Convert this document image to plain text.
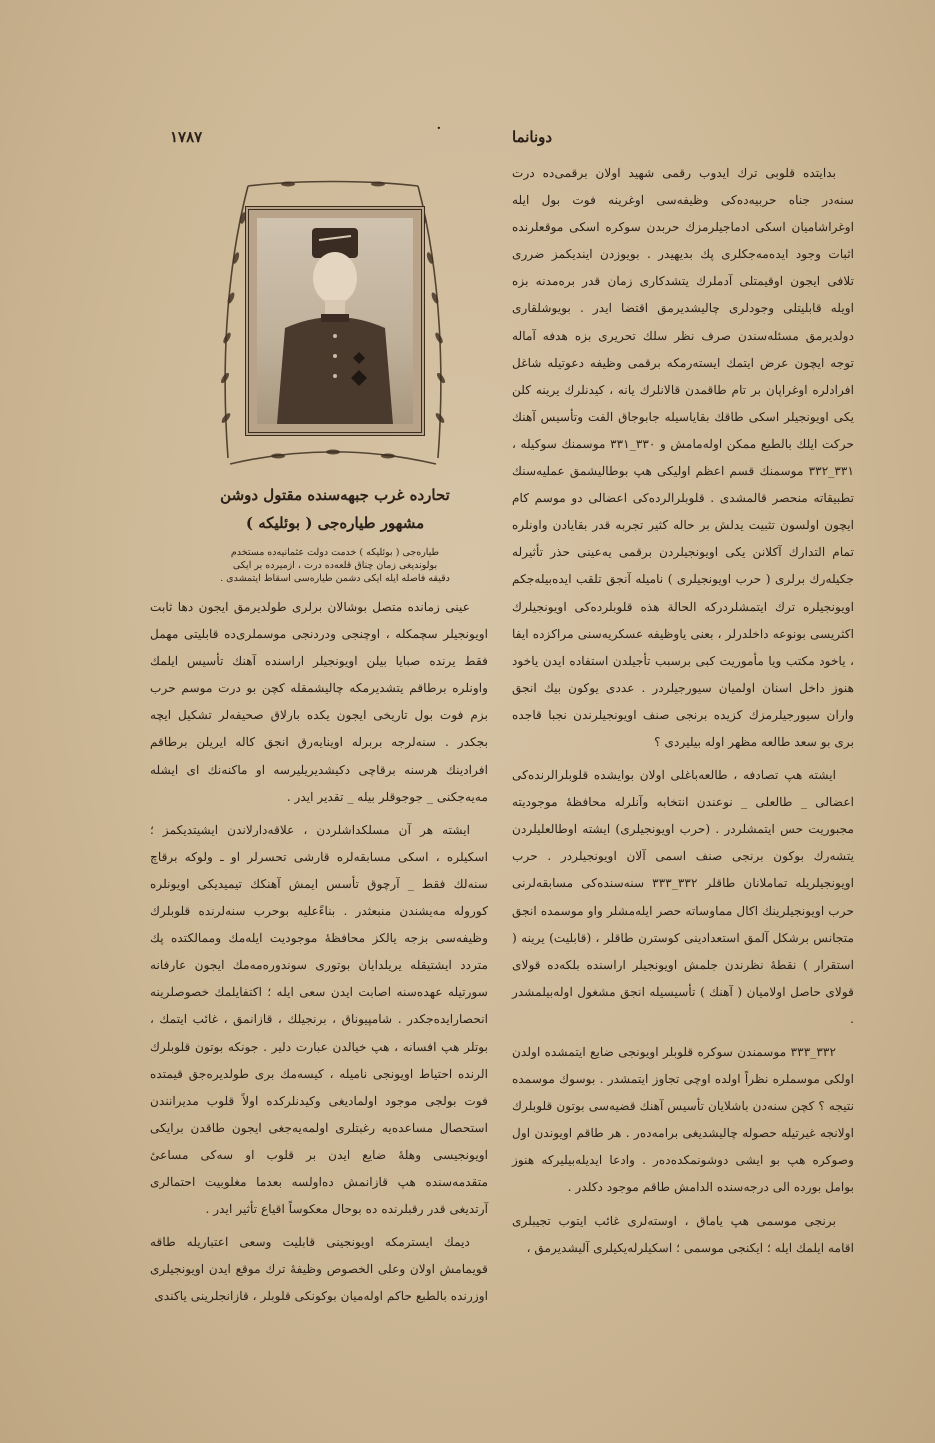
١٧٨٧	·	دونانما

بدایتده قلوبی ترك ایدوب رقمی شهید اولان برقمی‌ده درت سنه‌در جناه حربیه‌ده‌کی وظیفه‌سی اوغرینه فوت بول ایله اوغراشامیان اسکی ادماجیلرمزك حربدن سوکره اسکی موقعلرنده اثبات وجود ایده‌مه‌جکلری پك بدیهیدر . بویوزدن ایندیکمز ضرری تلافی ایجون اوقیمتلی آدملرك یتشدکاری زمان قدر بره‌مدنه بزه اویله قابلیتلی وجودلری چالیشدیرمق اقتضا ایدر . بویوشلقاری دولدیرمق مسئله‌سندن صرف نظر سلك تحریری بزه هدفه آماله توجه ایچون عرض ایتمك ایسته‌رمکه برقمی وظیفه دعوتیله شاغل افرادلره اوغراپان بر تام طاقمدن قالانلرك یانه ، کیدنلرك یرینه کلن یکی اویونجیلر اسکی طاقك بقایاسیله جابوجاق الفت وتأسیس آهنك حرکت ایلك بالطبع ممکن اوله‌مامش و ۳۳۰_۳۳۱ موسمنك سوکیله ، ۳۳۱_۳۳۲ موسمنك قسم اعظم اولیکی هپ بوطالیشمق عملیه‌سنك تطبیقاته منحصر قالمشدی . قلوبلرالرده‌کی اعضالی دو موسم کام ایچون اولسون تثبیت یدلش بر حاله کثیر تجربه قدر بقایادن واونلره تمام التدارك آکلانن یکی اویونجیلردن برقمی یه‌عینی حذر تأثیرله جکیله‌رك برلری ( حرب اویونجیلری ) نامیله آنجق تلقب ایده‌بیله‌جکم اویونجیلره ترك ایتمشلردرکه الحالة هذه قلوبلرده‌کی اویونجیلرك اکثریسی بونوعه داخلدرلر ، بعنی یاوظیفه عسکریه‌سنی مراکزده ایفا ، یاخود مکتب ویا مأموریت کبی برسبب تأجیلدن استفاده ایدن یاخود هنوز داخل اسنان اولمیان سیورجیلردر . عددی یوکون بیك انجق واران سیورجیلرمزك کزیده برنجی صنف اویونجیلرندن نجبا قاجده بری بو سعد طالعه مظهر اوله بیلیردی ؟

ایشته هپ تصادفه ، طالعه‌باغلی اولان بوایشده قلوبلرالرنده‌کی اعضالی _ طالعلی _ نوعندن انتخابه وآنلرله محافظهٔ موجودیته مجبوریت حس ایتمشلردر . (حرب اویونجیلری) ایشته اوطالعلیلردن یتشه‌رك بوکون برنجی صنف اسمی آلان اویونجیلردر . حرب اویونجیلریله تماملانان طاقلر ۳۳۲_۳۳۳ سنه‌سنده‌کی مسابقه‌لرنی حرب اویونجیلرینك اکال مماوساته حصر ایله‌مشلر واو موسمده انجق متجانس برشکل آلمق استعدادینی کوسترن طاقلر ، (قابلیت) یرینه ( استقرار ) نقطهٔ نظرندن جلمش اویونجیلر اراسنده بلکه‌ده قولای قولای حاصل اولامیان ( آهنك ) تأسیسیله انجق مشغول اوله‌بیلمشدر .

۳۳۲_۳۳۳ موسمندن سوکره قلوبلر اویونجی ضایع ایتمشده اولدن اولکی موسملره نظراً اولده اوچی تجاوز ایتمشدر . بوسوك موسمده نتیجه ؟ کچن سنه‌دن باشلایان تأسیس آهنك قضیه‌سی بوتون قلوبلرك اولانجه غیرتیله حصوله چالیشدیغی برامه‌ده‌ر . هر طاقم اویوندن اول وصوکره هپ بو ایشی دوشونمکده‌ده‌ر . وادعا ایدیله‌بیلیرکه هنوز بوامل بورده الی درجه‌سنده الدامش طاقم موجود دکلدر .

برنجی موسمی هپ یاماق ، اوسته‌لری غائب ایتوب تجیبلری اقامه ایلمك ایله ؛ ایکنجی موسمی ؛ اسکیلرله‌یکیلری آلیشدیرمق ،

تحارده غرب جبهه‌سنده مقتول دوشن
مشهور طیاره‌جی ( بوئلیکه )
طیاره‌جی ( بوئلیکه ) خدمت دولت عثمانیه‌ده مستخدم
بولوندیغی زمان چناق قلعه‌ده درت ، ازمیرده بر ایکی
دقیقه فاصله ایله ایکی دشمن طیاره‌سی اسقاط ایتمشدی .

عینی زمانده متصل بوشالان برلری طولدیرمق ایجون دها ثابت اویونجیلر سچمکله ، اوچنجی ودردنجی موسملری‌ده قابلیتی مهمل فقط یرنده صبایا بیلن اویونجیلر اراسنده آهنك تأسیس ایلمك واونلره برطاقم یتشدیرمکه چالیشمقله کچن بو درت موسم حرب بزم فوت بول تاریخی ایجون یکده بارلاق صحیفه‌لر تشکیل ایچه‌ بجکدر . سنه‌لرجه بربرله اوینایه‌رق انجق کاله ایریلن برطاقم افرادینك هرسنه برقاچی دکیشدیریلیرسه او ماکنه‌نك ای ایشله‌ مه‌یه‌جکنی _ جوجوقلر بیله _ تقدیر ایدر .

ایشته هر آن مسلکداشلردن ، علاقه‌دارلاندن ایشیتدیکمز ؛ اسکیلره ، اسکی مسابقه‌لره قارشی تحسرلر او ـ ولوکه برقاچ سنه‌لك فقط _ آرچوق تأسس ایمش آهنكك تیمیدیکی اویونلره کوروله‌ مه‌یشندن منبعثدر . بناءًعلیه بوحرب سنه‌لرنده قلوبلرك وظیفه‌سی بزجه یالکز محافظهٔ موجودیت ایله‌مك وممالکتده پك متردد ایشتیقله یریلدایان بوتوری سوندوره‌مه‌مك ایجون عارفانه سورتیله عهده‌سنه اصابت ایدن سعی ایله ؛ اکتفایلمك خصوصلرینه انحصارایده‌جکدر . شامپیوناق ، برنجیلك ، قازانمق ، غائب ایتمك ، بوتلر هپ افسانه ، هپ خیالدن عبارت دلیر . جونکه بوتون قلوبلرك الرنده احتیاط اویونجی نامیله ، کیسه‌مك بری طولدیره‌جق قیمتده فوت بولجی موجود اولمادیغی وکیدنلرکده اولاً قلوب مدیرانندن استحصال مساعده‌یه رغبتلری اولمه‌یه‌جغی ایجون طاقدن برایکی اویونجیسی وهلهٔ ضایع ایدن بر قلوب او سه‌کی مساعیٔ متقدمه‌سنده هپ قازانمش ده‌اولسه بعدما مغلوبیت احتمالری آرتدیغی قدر رقبلرنده ده بوحال معکوساً اقیاع تأثیر ایدر .

دیمك ایسترمکه اویونجینی قابلیت وسعی اعتباریله طاقه قویمامش اولان وعلی الخصوص وظیفهٔ ترك موقع ایدن اویونجیلری اوزرنده بالطبع حاکم اوله‌میان بوکونکی قلوبلر ، قازانجلرینی یاکندی
